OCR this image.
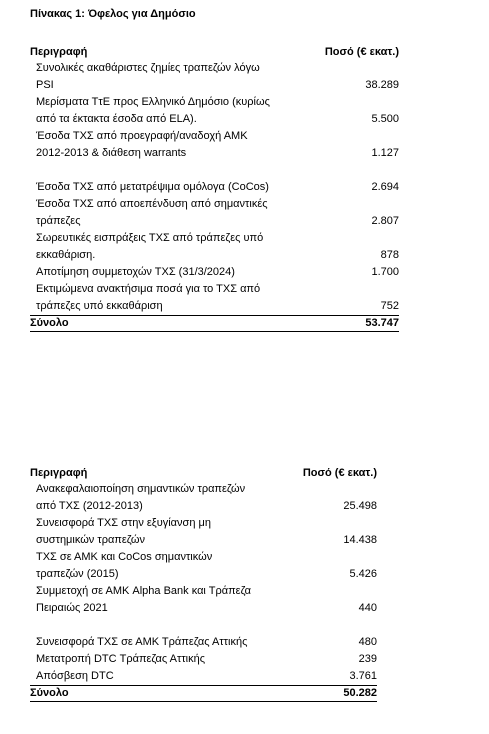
Πίνακας 1: Όφελος για Δημόσιο
Περιγραφή	Ποσό (€ εκατ.)
Συνολικές ακαθάριστες ζημίες τραπεζών λόγω
PSI	38.289
Μερίσματα ΤτΕ προς Ελληνικό Δημόσιο (κυρίως
από τα έκτακτα έσοδα από ELA).	5.500
Έσοδα ΤΧΣ από προεγραφή/αναδοχή ΑΜΚ
2012-2013 & διάθεση warrants	1.127
Έσοδα ΤΧΣ από μετατρέψιμα ομόλογα (CoCos)	2.694
Έσοδα ΤΧΣ από αποεπένδυση από σημαντικές
τράπεζες	2.807
Σωρευτικές εισπράξεις ΤΧΣ από τράπεζες υπό
εκκαθάριση.	878
Αποτίμηση συμμετοχών ΤΧΣ (31/3/2024)	1.700
Εκτιμώμενα ανακτήσιμα ποσά για το ΤΧΣ από
τράπεζες υπό εκκαθάριση	752
Σύνολο	53.747
Περιγραφή	Ποσό (€ εκατ.)
Ανακεφαλαιοποίηση σημαντικών τραπεζών
από ΤΧΣ (2012-2013)	25.498
Συνεισφορά ΤΧΣ στην εξυγίανση μη
συστημικών τραπεζών	14.438
ΤΧΣ σε ΑΜΚ και CoCos σημαντικών
τραπεζών (2015)	5.426
Συμμετοχή σε ΑΜΚ Alpha Bank και Τράπεζα
Πειραιώς 2021	440
Συνεισφορά ΤΧΣ σε ΑΜΚ Τράπεζας Αττικής	480
Μετατροπή DTC Τράπεζας Αττικής	239
Απόσβεση DTC	3.761
Σύνολο	50.282
